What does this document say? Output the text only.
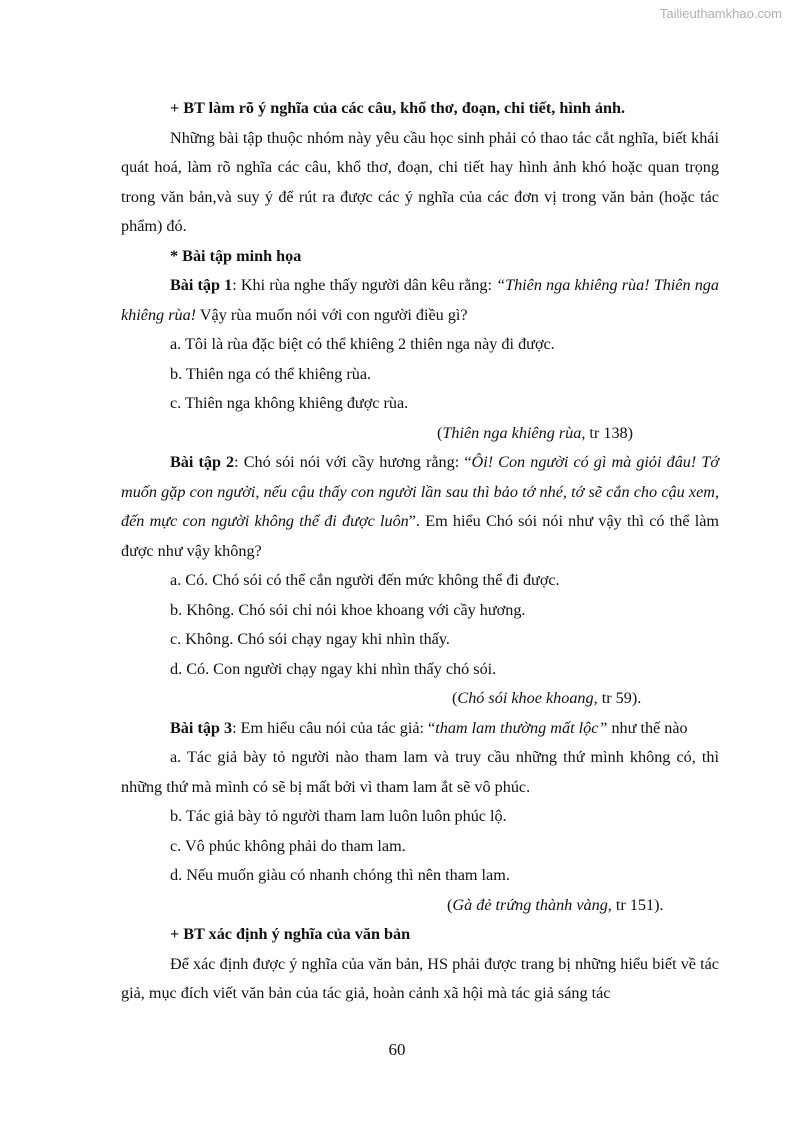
Tailieuthamkhao.com

+ BT làm rõ ý nghĩa của các câu, khổ thơ, đoạn, chi tiết, hình ảnh.

Những bài tập thuộc nhóm này yêu cầu học sinh phải có thao tác cắt nghĩa, biết khái quát hoá, làm rõ nghĩa các câu, khổ thơ, đoạn, chi tiết hay hình ảnh khó hoặc quan trọng trong văn bản,và suy ý để rút ra được các ý nghĩa của các đơn vị trong văn bản (hoặc tác phẩm) đó.

* Bài tập minh họa

Bài tập 1: Khi rùa nghe thấy người dân kêu rằng: “Thiên nga khiêng rùa! Thiên nga khiêng rùa! Vậy rùa muốn nói với con người điều gì?

a. Tôi là rùa đặc biệt có thể khiêng 2 thiên nga này đi được.

b. Thiên nga có thể khiêng rùa.

c. Thiên nga không khiêng được rùa.

(Thiên nga khiêng rùa, tr 138)

Bài tập 2: Chó sói nói với cầy hương rằng: “Ôi! Con người có gì mà giỏi đâu! Tớ muốn gặp con người, nếu cậu thấy con người lần sau thì bảo tớ nhé, tớ sẽ cắn cho cậu xem, đến mực con người không thể đi được luôn”. Em hiểu Chó sói nói như vậy thì có thể làm được như vậy không?

a. Có. Chó sói có thể cắn người đến mức không thể đi được.

b. Không. Chó sói chỉ nói khoe khoang với cầy hương.

c. Không. Chó sói chạy ngay khi nhìn thấy.

d. Có. Con người chạy ngay khi nhìn thấy chó sói.

(Chó sói khoe khoang, tr 59).

Bài tập 3: Em hiểu câu nói của tác giả: “tham lam thường mất lộc” như thế nào

a. Tác giả bày tỏ người nào tham lam và truy cầu những thứ mình không có, thì những thứ mà mình có sẽ bị mất bởi vì tham lam ắt sẽ vô phúc.

b. Tác giả bày tỏ người tham lam luôn luôn phúc lộ.

c. Vô phúc không phải do tham lam.

d. Nếu muốn giàu có nhanh chóng thì nên tham lam.

(Gà đẻ trứng thành vàng, tr 151).

+ BT xác định ý nghĩa của văn bản

Để xác định được ý nghĩa của văn bản, HS phải được trang bị những hiểu biết về tác giả, mục đích viết văn bản của tác giả, hoàn cảnh xã hội mà tác giả sáng tác

60
